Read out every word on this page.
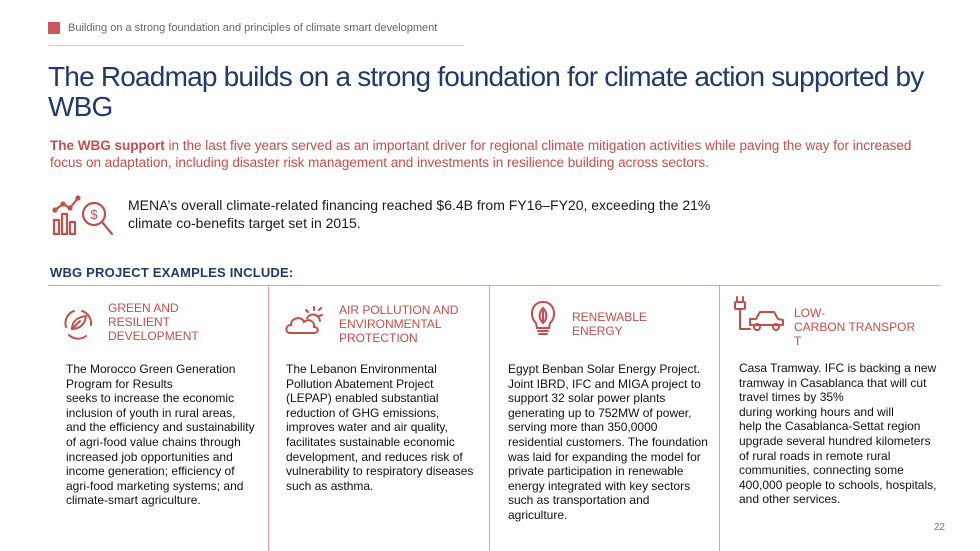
Building on a strong foundation and principles of climate smart development
The Roadmap builds on a strong foundation for climate action supported by WBG
The WBG support in the last five years served as an important driver for regional climate mitigation activities while paving the way for increased focus on adaptation, including disaster risk management and investments in resilience building across sectors.
$
MENA’s overall climate-related financing reached $6.4B from FY16–FY20, exceeding the 21% climate co-benefits target set in 2015.
WBG PROJECT EXAMPLES INCLUDE:
GREEN AND
RESILIENT
DEVELOPMENT
The Morocco Green Generation Program for Results
seeks to increase the economic inclusion of youth in rural areas, and the efficiency and sustainability of agri-food value chains through increased job opportunities and income generation; efficiency of agri-food marketing systems; and climate-smart agriculture.
AIR POLLUTION AND
ENVIRONMENTAL
PROTECTION
The Lebanon Environmental Pollution Abatement Project (LEPAP) enabled substantial reduction of GHG emissions, improves water and air quality, facilitates sustainable economic development, and reduces risk of vulnerability to respiratory diseases such as asthma.
RENEWABLE
ENERGY
Egypt Benban Solar Energy Project. Joint IBRD, IFC and MIGA project to support 32 solar power plants generating up to 752MW of power, serving more than 350,0000 residential customers. The foundation was laid for expanding the model for private participation in renewable energy integrated with key sectors such as transportation and agriculture.
LOW-
CARBON TRANSPOR
T
Casa Tramway. IFC is backing a new tramway in Casablanca that will cut travel times by 35%
during working hours and will
help the Casablanca-Settat region upgrade several hundred kilometers of rural roads in remote rural communities, connecting some 400,000 people to schools, hospitals, and other services.
22
